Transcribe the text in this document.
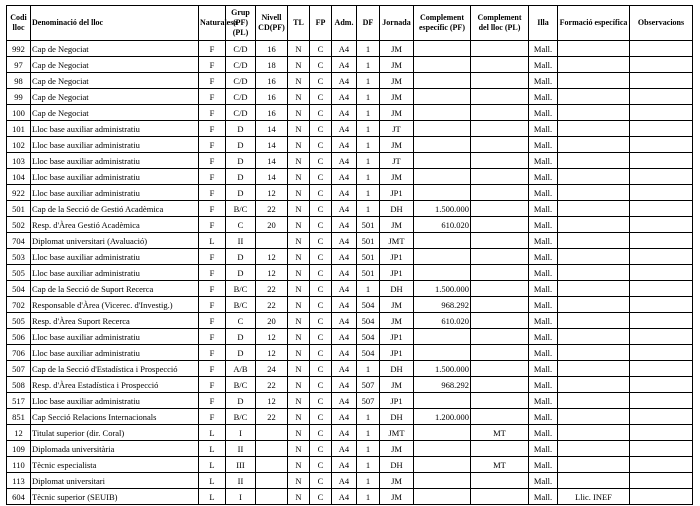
Codi lloc	Denominació del lloc	Naturalesa	Grup (PF)(PL)	Nivell CD(PF)	TL	FP	Adm.	DF	Jornada	Complement específic (PF)	Complement del lloc (PL)	Illa	Formació específica	Observacions
992	Cap de Negociat	F	C/D	16	N	C	A4	1	JM			Mall.		
97	Cap de Negociat	F	C/D	18	N	C	A4	1	JM			Mall.		
98	Cap de Negociat	F	C/D	16	N	C	A4	1	JM			Mall.		
99	Cap de Negociat	F	C/D	16	N	C	A4	1	JM			Mall.		
100	Cap de Negociat	F	C/D	16	N	C	A4	1	JM			Mall.		
101	Lloc base auxiliar administratiu	F	D	14	N	C	A4	1	JT			Mall.		
102	Lloc base auxiliar administratiu	F	D	14	N	C	A4	1	JM			Mall.		
103	Lloc base auxiliar administratiu	F	D	14	N	C	A4	1	JT			Mall.		
104	Lloc base auxiliar administratiu	F	D	14	N	C	A4	1	JM			Mall.		
922	Lloc base auxiliar administratiu	F	D	12	N	C	A4	1	JP1			Mall.		
501	Cap de la Secció de Gestió Acadèmica	F	B/C	22	N	C	A4	1	DH	1.500.000		Mall.		
502	Resp. d'Àrea Gestió Acadèmica	F	C	20	N	C	A4	501	JM	610.020		Mall.		
704	Diplomat universitari (Avaluació)	L	II		N	C	A4	501	JMT			Mall.		
503	Lloc base auxiliar administratiu	F	D	12	N	C	A4	501	JP1			Mall.		
505	Lloc base auxiliar administratiu	F	D	12	N	C	A4	501	JP1			Mall.		
504	Cap de la Secció de Suport Recerca	F	B/C	22	N	C	A4	1	DH	1.500.000		Mall.		
702	Responsable d'Àrea (Vicerec. d'Investig.)	F	B/C	22	N	C	A4	504	JM	968.292		Mall.		
505	Resp. d'Àrea Suport Recerca	F	C	20	N	C	A4	504	JM	610.020		Mall.		
506	Lloc base auxiliar administratiu	F	D	12	N	C	A4	504	JP1			Mall.		
706	Lloc base auxiliar administratiu	F	D	12	N	C	A4	504	JP1			Mall.		
507	Cap de la Secció d'Estadística i Prospecció	F	A/B	24	N	C	A4	1	DH	1.500.000		Mall.		
508	Resp. d'Àrea Estadística i Prospecció	F	B/C	22	N	C	A4	507	JM	968.292		Mall.		
517	Lloc base auxiliar administratiu	F	D	12	N	C	A4	507	JP1			Mall.		
851	Cap Secció Relacions Internacionals	F	B/C	22	N	C	A4	1	DH	1.200.000		Mall.		
12	Titulat superior (dir. Coral)	L	I		N	C	A4	1	JMT		MT	Mall.		
109	Diplomada universitària	L	II		N	C	A4	1	JM			Mall.		
110	Tècnic especialista	L	III		N	C	A4	1	DH		MT	Mall.		
113	Diplomat universitari	L	II		N	C	A4	1	JM			Mall.		
604	Tècnic superior (SEUIB)	L	I		N	C	A4	1	JM			Mall.	Llic. INEF	
